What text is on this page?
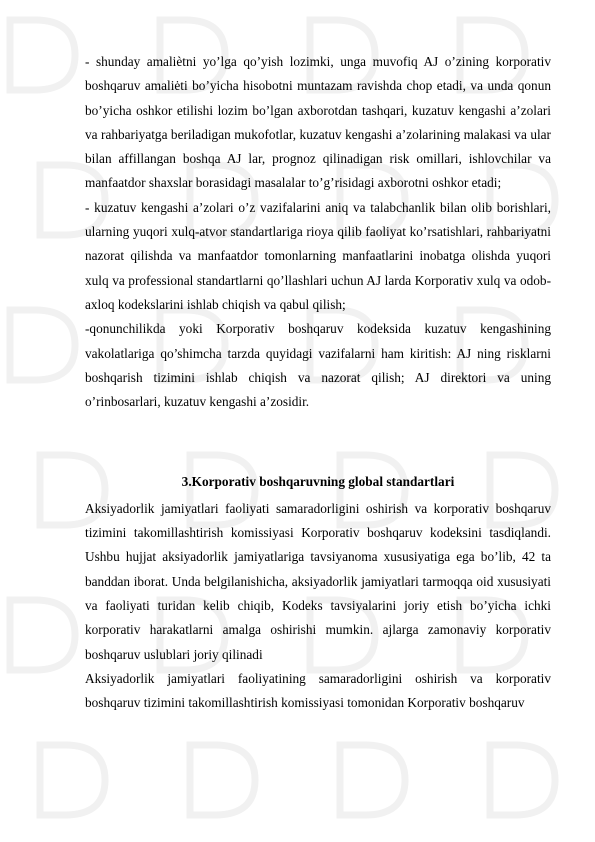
- shunday amaliètni yo’lga qo’yish lozimki, unga muvofiq AJ o’zining korporativ boshqaruv amaliėti bo’yicha hisobotni muntazam ravishda chop etadi, va unda qonun bo’yicha oshkor etilishi lozim bo’lgan axborotdan tashqari, kuzatuv kengashi a’zolari va rahbariyatga beriladigan mukofotlar, kuzatuv kengashi a’zolarining malakasi va ular bilan affillangan boshqa AJ lar, prognoz qilinadigan risk omillari, ishlovchilar va manfaatdor shaxslar borasidagi masalalar to’g’risidagi axborotni oshkor etadi;

- kuzatuv kengashi a’zolari o’z vazifalarini aniq va talabchanlik bilan olib borishlari, ularning yuqori xulq-atvor standartlariga rioya qilib faoliyat ko’rsatishlari, rahbariyatni nazorat qilishda va manfaatdor tomonlarning manfaatlarini inobatga olishda yuqori xulq va professional standartlarni qo’llashlari uchun AJ larda Korporativ xulq va odob-axloq kodekslarini ishlab chiqish va qabul qilish;

-qonunchilikda yoki Korporativ boshqaruv kodeksida kuzatuv kengashining vakolatlariga qo’shimcha tarzda quyidagi vazifalarni ham kiritish: AJ ning risklarni boshqarish tizimini ishlab chiqish va nazorat qilish; AJ direktori va uning o’rinbosarlari, kuzatuv kengashi a’zosidir.

3.Korporativ boshqaruvning global standartlari

Aksiyadorlik jamiyatlari faoliyati samaradorligini oshirish va korporativ boshqaruv tizimini takomillashtirish komissiyasi Korporativ boshqaruv kodeksini tasdiqlandi. Ushbu hujjat aksiyadorlik jamiyatlariga tavsiyanoma xususiyatiga ega bo’lib, 42 ta banddan iborat. Unda belgilanishicha, aksiyadorlik jamiyatlari tarmoqqa oid xususiyati va faoliyati turidan kelib chiqib, Kodeks tavsiyalarini joriy etish bo’yicha ichki korporativ harakatlarni amalga oshirishi mumkin. ajlarga zamonaviy korporativ boshqaruv uslublari joriy qilinadi

Aksiyadorlik jamiyatlari faoliyatining samaradorligini oshirish va korporativ boshqaruv tizimini takomillashtirish komissiyasi tomonidan Korporativ boshqaruv
